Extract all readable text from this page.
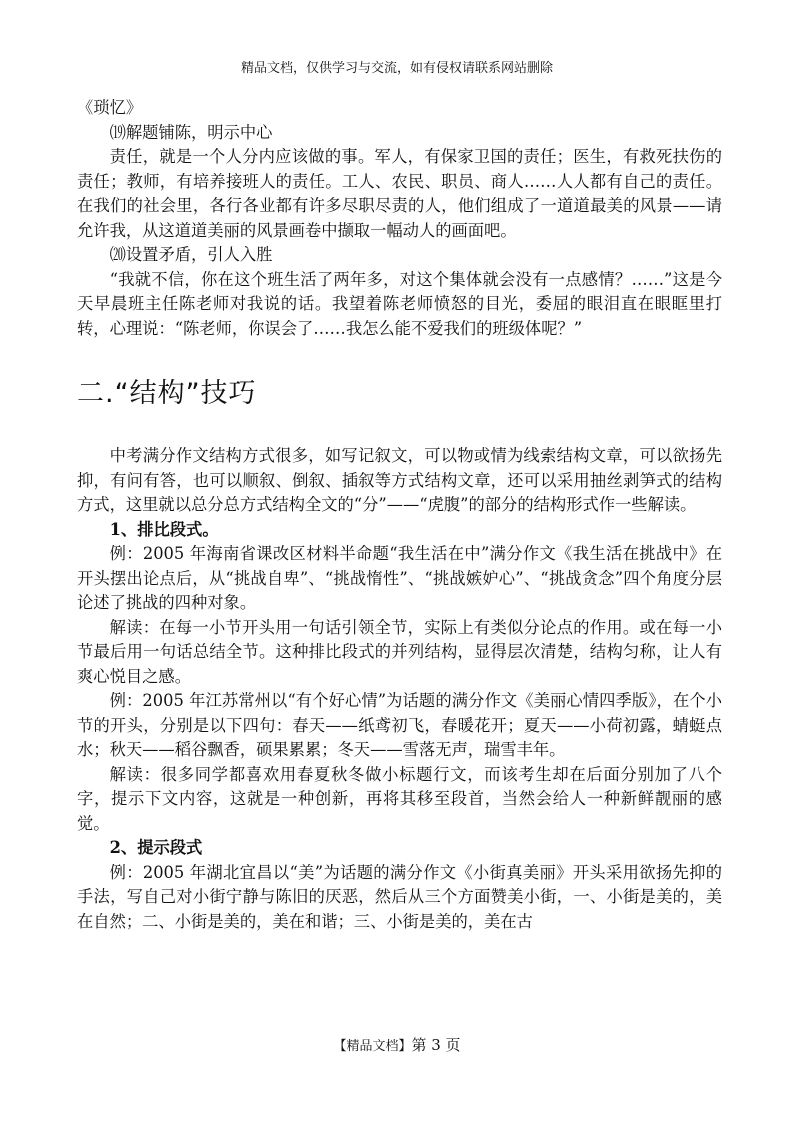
精品文档，仅供学习与交流，如有侵权请联系网站删除

《琐忆》

⒆解题铺陈，明示中心

责任，就是一个人分内应该做的事。军人，有保家卫国的责任；医生，有救死扶伤的责任；教师，有培养接班人的责任。工人、农民、职员、商人……人人都有自己的责任。在我们的社会里，各行各业都有许多尽职尽责的人，他们组成了一道道最美的风景——请允许我，从这道道美丽的风景画卷中撷取一幅动人的画面吧。

⒇设置矛盾，引人入胜

“我就不信，你在这个班生活了两年多，对这个集体就会没有一点感情？……”这是今天早晨班主任陈老师对我说的话。我望着陈老师愤怒的目光，委屈的眼泪直在眼眶里打转，心理说：“陈老师，你误会了……我怎么能不爱我们的班级体呢？”

二.“结构”技巧

中考满分作文结构方式很多，如写记叙文，可以物或情为线索结构文章，可以欲扬先抑，有问有答，也可以顺叙、倒叙、插叙等方式结构文章，还可以采用抽丝剥笋式的结构方式，这里就以总分总方式结构全文的“分”——“虎腹”的部分的结构形式作一些解读。

1、排比段式。

例：2005 年海南省课改区材料半命题“我生活在中”满分作文《我生活在挑战中》在开头摆出论点后，从“挑战自卑”、“挑战惰性”、“挑战嫉妒心”、“挑战贪念”四个角度分层论述了挑战的四种对象。

解读：在每一小节开头用一句话引领全节，实际上有类似分论点的作用。或在每一小节最后用一句话总结全节。这种排比段式的并列结构，显得层次清楚，结构匀称，让人有爽心悦目之感。

例：2005 年江苏常州以“有个好心情”为话题的满分作文《美丽心情四季版》，在个小节的开头，分别是以下四句：春天——纸鸢初飞，春暖花开；夏天——小荷初露，蜻蜓点水；秋天——稻谷飘香，硕果累累；冬天——雪落无声，瑞雪丰年。

解读：很多同学都喜欢用春夏秋冬做小标题行文，而该考生却在后面分别加了八个字，提示下文内容，这就是一种创新，再将其移至段首，当然会给人一种新鲜靓丽的感觉。

2、提示段式

例：2005 年湖北宜昌以“美”为话题的满分作文《小街真美丽》开头采用欲扬先抑的手法，写自己对小街宁静与陈旧的厌恶，然后从三个方面赞美小街，一、小街是美的，美在自然；二、小街是美的，美在和谐；三、小街是美的，美在古

【精品文档】第 3 页
